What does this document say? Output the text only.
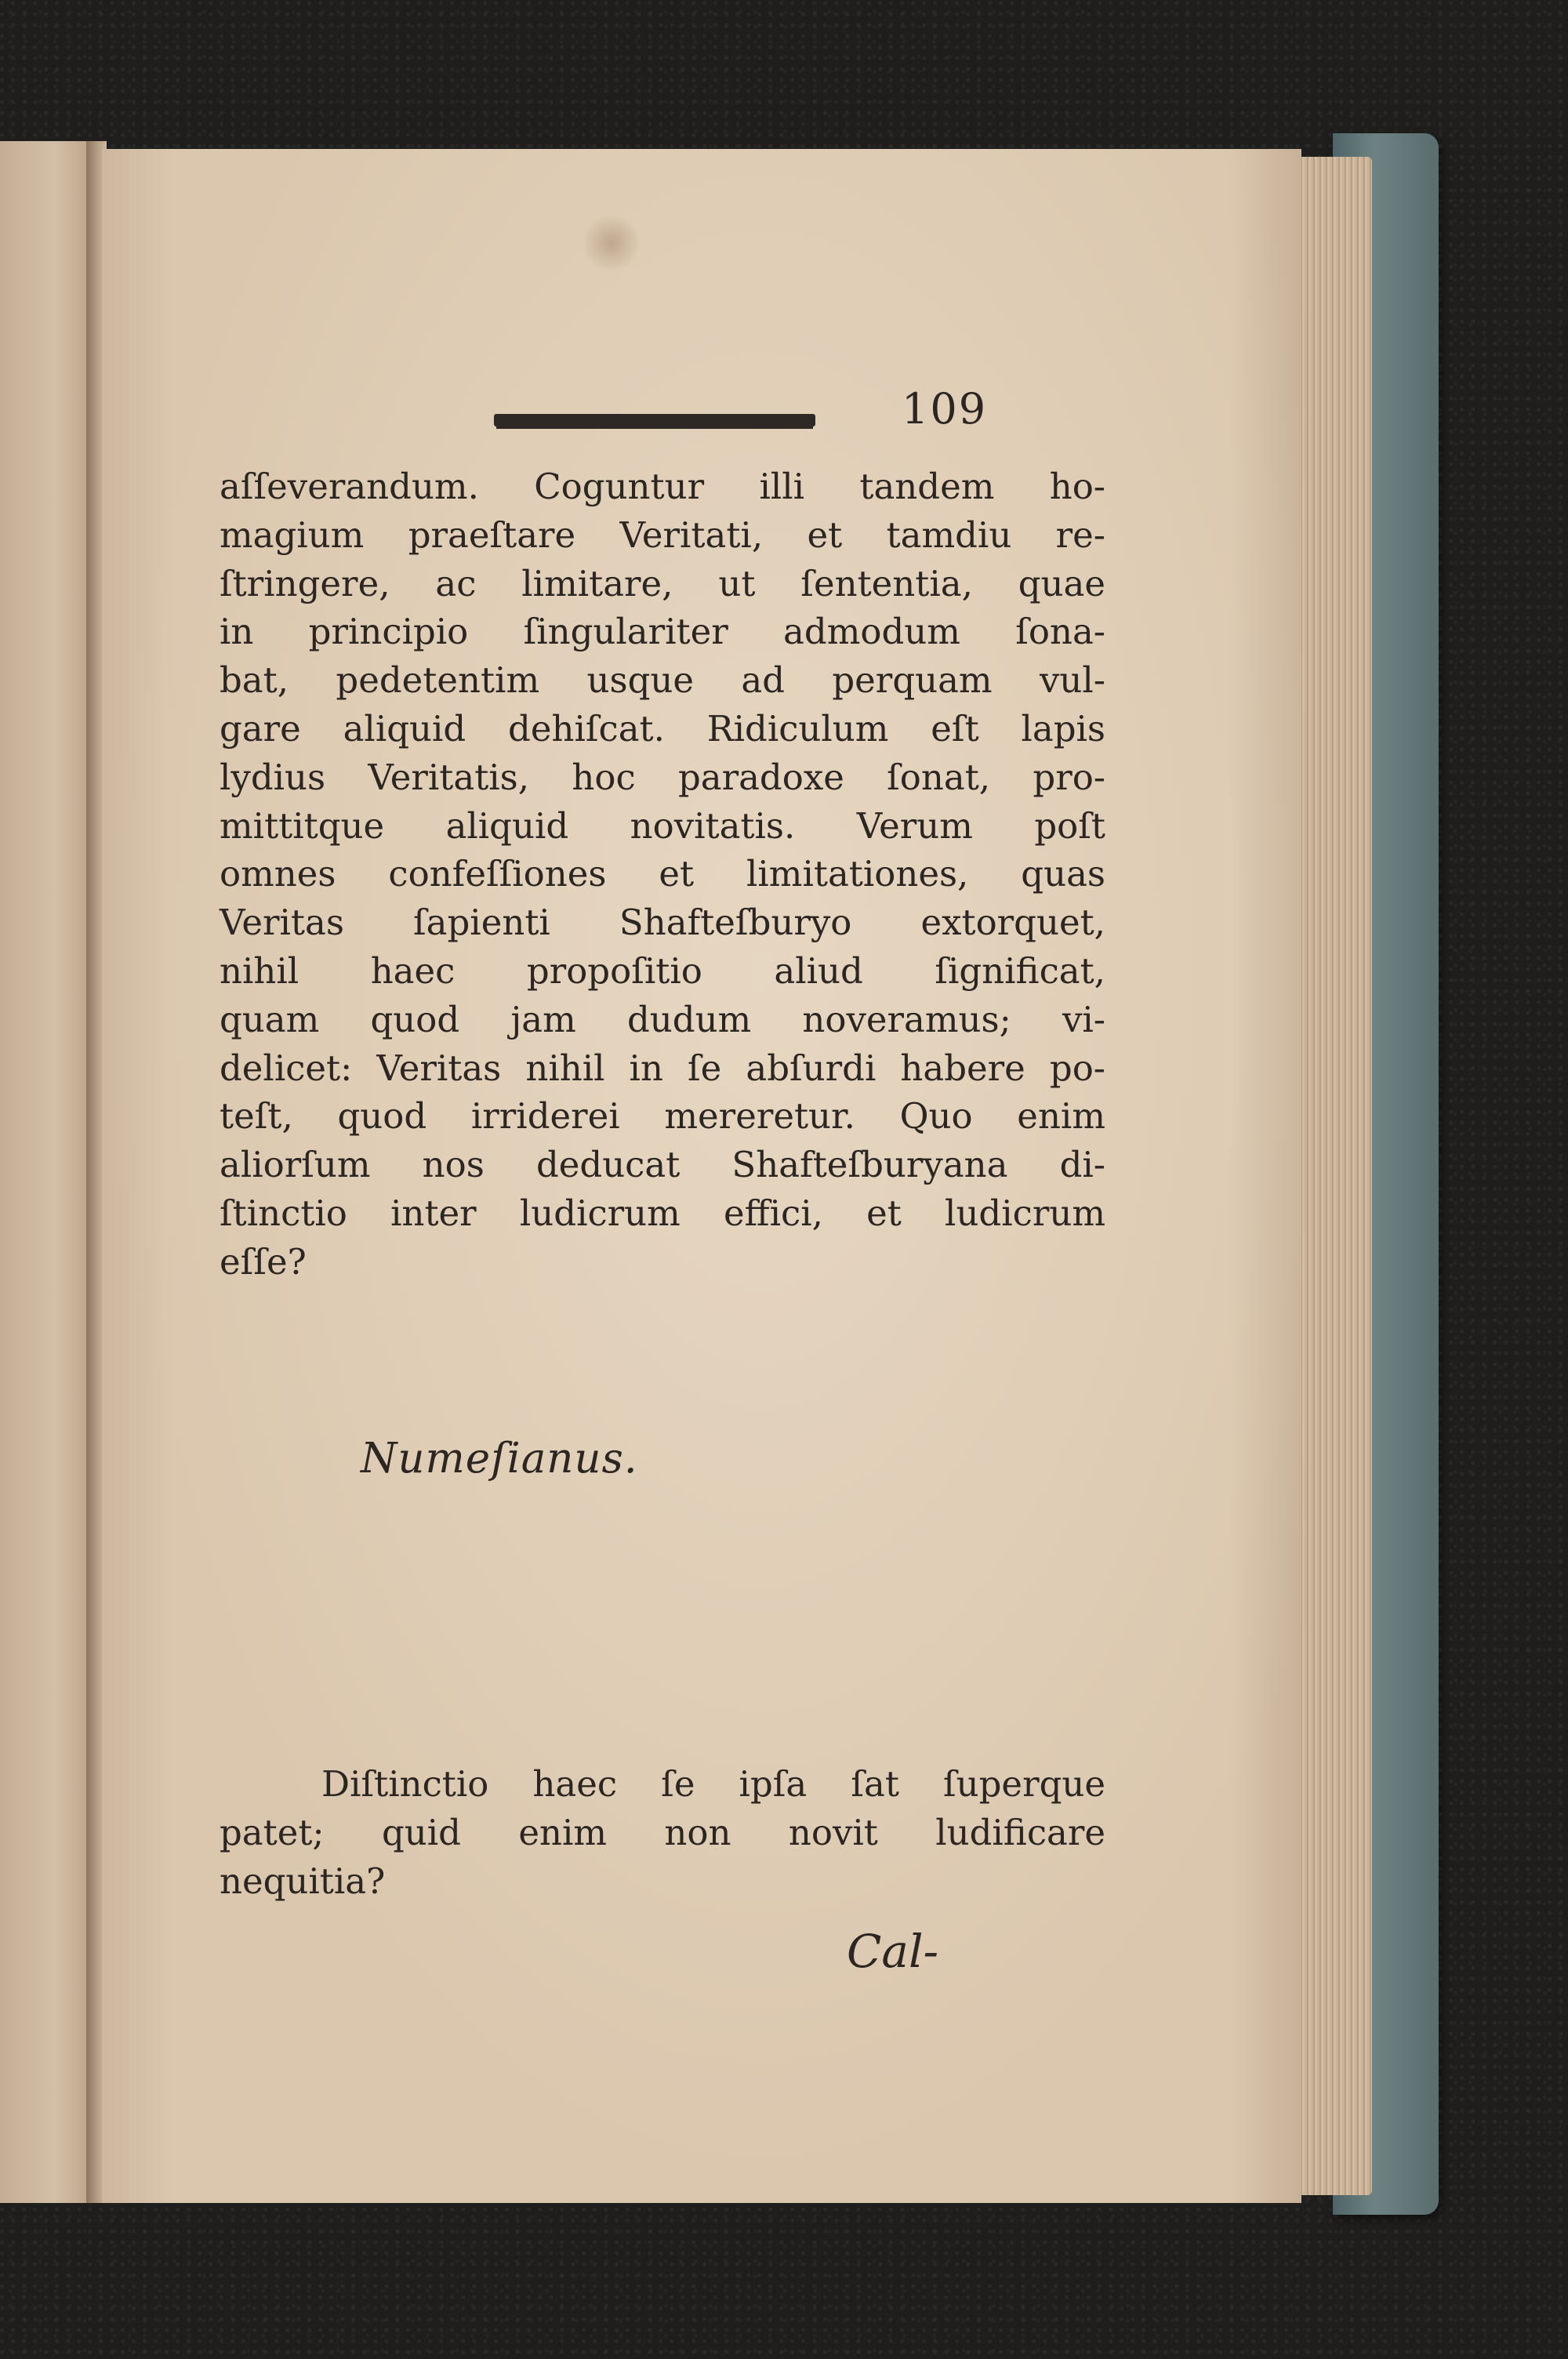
109

aſſeverandum. Coguntur illi tandem ho-
magium praeſtare Veritati, et tamdiu re-
ſtringere, ac limitare, ut ſententia, quae
in principio ſingulariter admodum ſona-
bat, pedetentim usque ad perquam vul-
gare aliquid dehiſcat. Ridiculum eſt lapis
lydius Veritatis, hoc paradoxe ſonat, pro-
mittitque aliquid novitatis. Verum poſt
omnes confeſſiones et limitationes, quas
Veritas ſapienti Shafteſburyo extorquet,
nihil haec propoſitio aliud ſignificat,
quam quod jam dudum noveramus; vi-
delicet: Veritas nihil in ſe abſurdi habere po-
teſt, quod irriderei mereretur. Quo enim
aliorſum nos deducat Shafteſburyana di-
ſtinctio inter ludicrum effici, et ludicrum
eſſe?

Numeſianus.

Diſtinctio haec ſe ipſa ſat ſuperque
patet; quid enim non novit ludificare
nequitia?

Cal-
